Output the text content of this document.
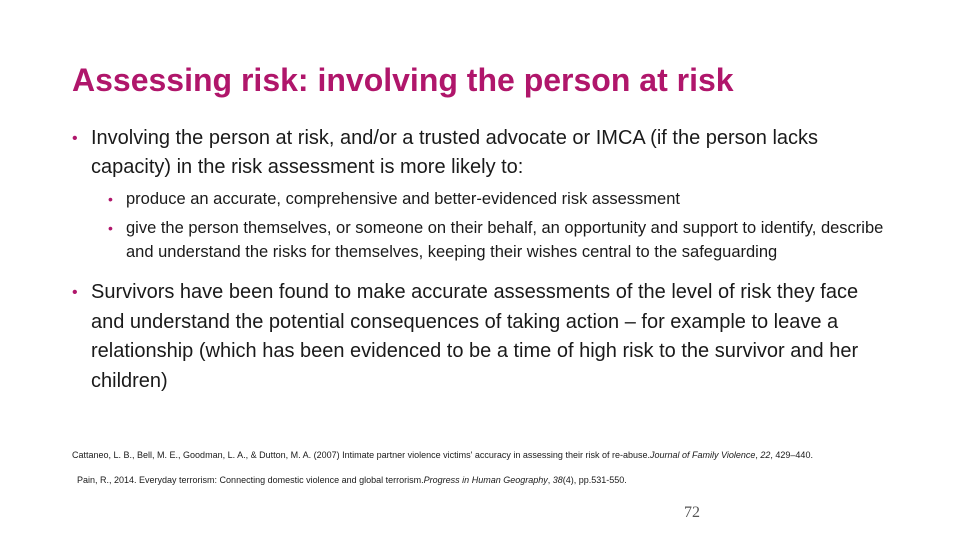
Assessing risk: involving the person at risk
• Involving the person at risk, and/or a trusted advocate or IMCA (if the person lacks capacity) in the risk assessment is more likely to:
• produce an accurate, comprehensive and better-evidenced risk assessment
• give the person themselves, or someone on their behalf, an opportunity and support to identify, describe and understand the risks for themselves, keeping their wishes central to the safeguarding
• Survivors have been found to make accurate assessments of the level of risk they face and understand the potential consequences of taking action – for example to leave a relationship (which has been evidenced to be a time of high risk to the survivor and her children)
Cattaneo, L. B., Bell, M. E., Goodman, L. A., & Dutton, M. A. (2007) Intimate partner violence victims' accuracy in assessing their risk of re-abuse.Journal of Family Violence, 22, 429–440.
Pain, R., 2014. Everyday terrorism: Connecting domestic violence and global terrorism.Progress in Human Geography, 38(4), pp.531-550.
72
